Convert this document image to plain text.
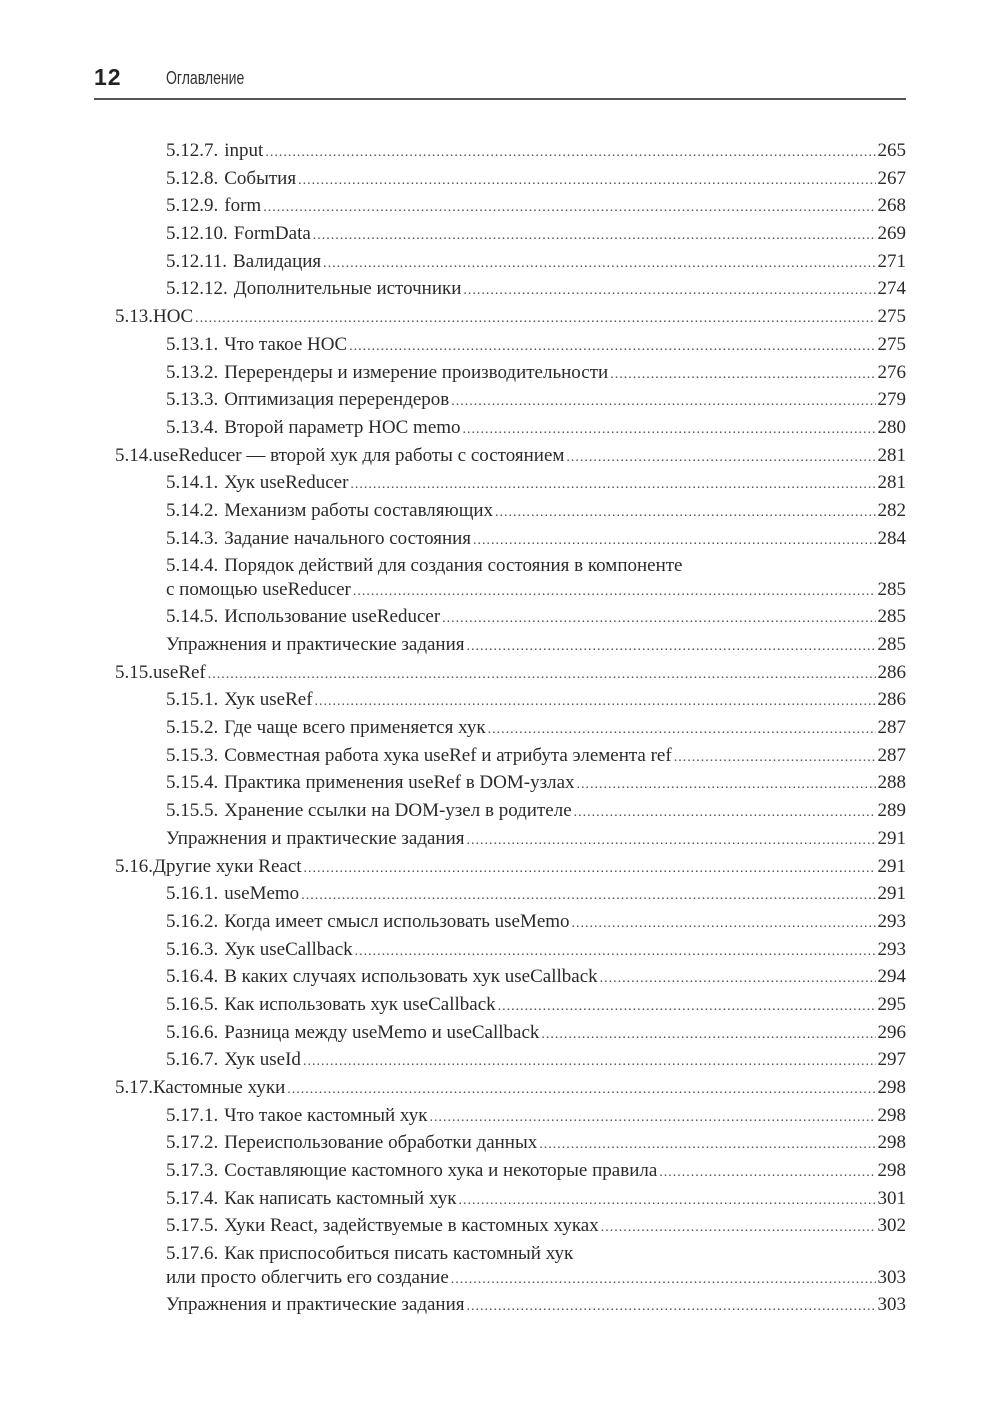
12 Оглавление
5.12.7. input .....	265
5.12.8. События .....	267
5.12.9. form .....	268
5.12.10. FormData .....	269
5.12.11. Валидация .....	271
5.12.12. Дополнительные источники .....	274
5.13. HOC .....	275
5.13.1. Что такое HOC .....	275
5.13.2. Перерендеры и измерение производительности .....	276
5.13.3. Оптимизация перерендеров .....	279
5.13.4. Второй параметр HOC memo .....	280
5.14. useReducer — второй хук для работы с состоянием .....	281
5.14.1. Хук useReducer .....	281
5.14.2. Механизм работы составляющих .....	282
5.14.3. Задание начального состояния .....	284
5.14.4. Порядок действий для создания состояния в компоненте
с помощью useReducer .....	285
5.14.5. Использование useReducer .....	285
Упражнения и практические задания .....	285
5.15. useRef .....	286
5.15.1. Хук useRef .....	286
5.15.2. Где чаще всего применяется хук .....	287
5.15.3. Совместная работа хука useRef и атрибута элемента ref .....	287
5.15.4. Практика применения useRef в DOM-узлах .....	288
5.15.5. Хранение ссылки на DOM-узел в родителе .....	289
Упражнения и практические задания .....	291
5.16. Другие хуки React .....	291
5.16.1. useMemo .....	291
5.16.2. Когда имеет смысл использовать useMemo .....	293
5.16.3. Хук useCallback .....	293
5.16.4. В каких случаях использовать хук useCallback .....	294
5.16.5. Как использовать хук useCallback .....	295
5.16.6. Разница между useMemo и useCallback .....	296
5.16.7. Хук useId .....	297
5.17. Кастомные хуки .....	298
5.17.1. Что такое кастомный хук .....	298
5.17.2. Переиспользование обработки данных .....	298
5.17.3. Составляющие кастомного хука и некоторые правила .....	298
5.17.4. Как написать кастомный хук .....	301
5.17.5. Хуки React, задействуемые в кастомных хуках .....	302
5.17.6. Как приспособиться писать кастомный хук
или просто облегчить его создание .....	303
Упражнения и практические задания .....	303
